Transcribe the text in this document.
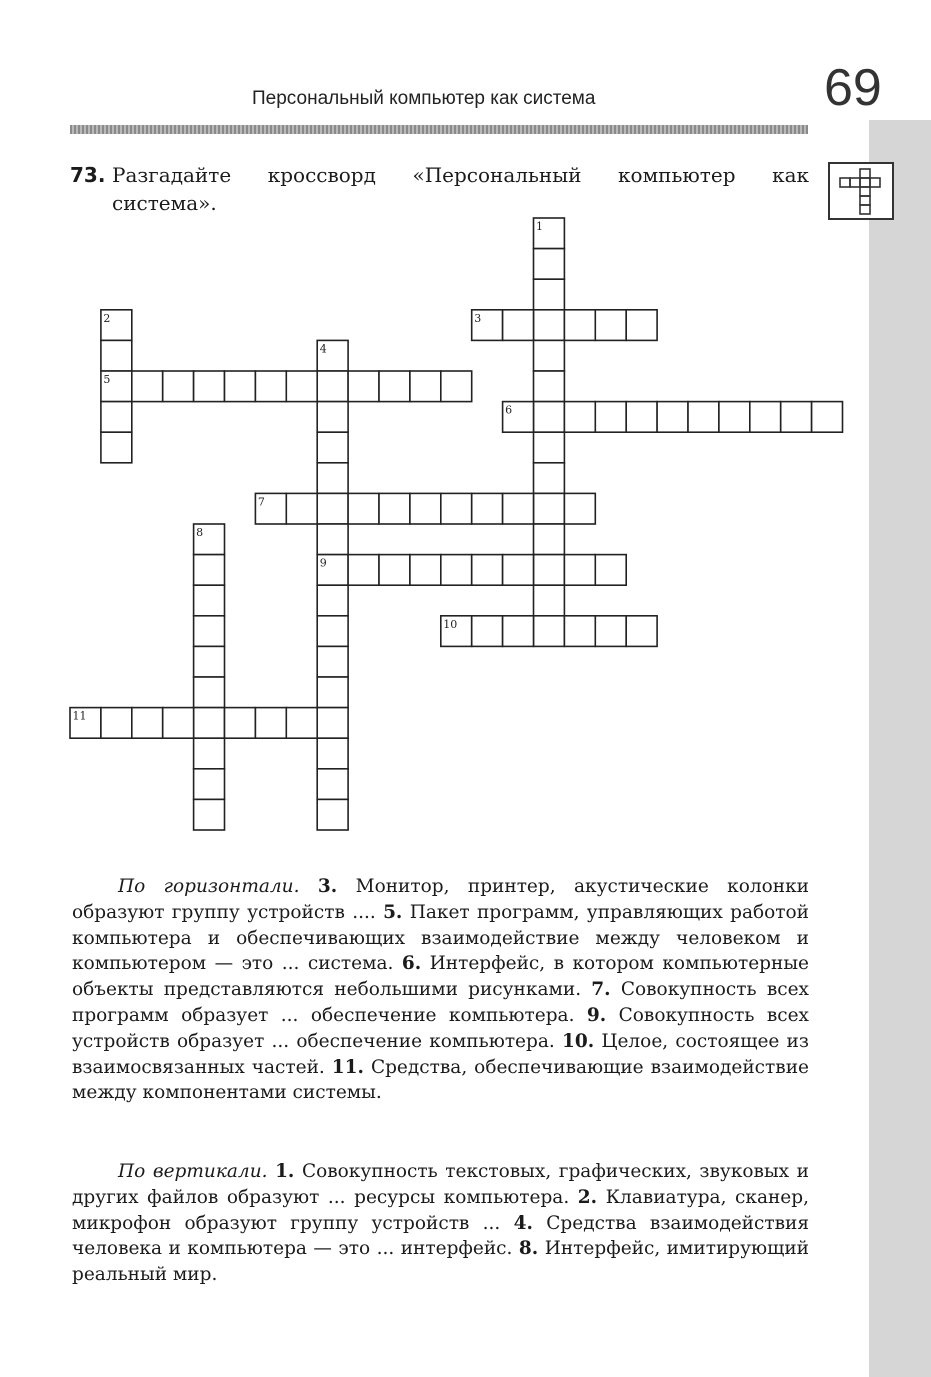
Персональный компьютер как система	69
73. Разгадайте кроссворд «Персональный компьютер как
система».
1
2	3
4
5
6
7
8
9
10
11

По горизонтали. 3. Монитор, принтер, акустические колонки образуют группу устройств .... 5. Пакет программ, управляющих работой компьютера и обеспечивающих взаимодействие между человеком и компьютером — это ... система. 6. Интерфейс, в котором компьютерные объекты представляются небольшими рисунками. 7. Совокупность всех программ образует ... обеспечение компьютера. 9. Совокупность всех устройств образует ... обеспечение компьютера. 10. Целое, состоящее из взаимосвязанных частей. 11. Средства, обеспечивающие взаимодействие между компонентами системы.

По вертикали. 1. Совокупность текстовых, графических, звуковых и других файлов образуют ... ресурсы компьютера. 2. Клавиатура, сканер, микрофон образуют группу устройств ... 4. Средства взаимодействия человека и компьютера — это ... интерфейс. 8. Интерфейс, имитирующий реальный мир.
